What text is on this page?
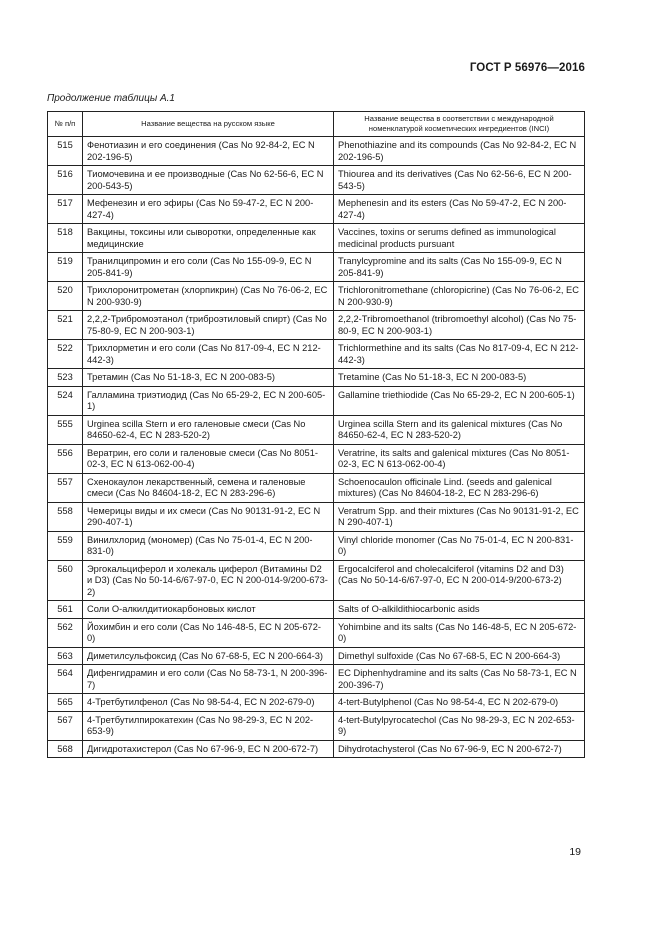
ГОСТ Р 56976—2016
Продолжение таблицы А.1
№ п/п	Название вещества на русском языке	Название вещества в соответствии с международной номенклатурой косметических ингредиентов (INCI)
515	Фенотиазин и его соединения (Cas No 92-84-2, EC N 202-196-5)	Phenothiazine and its compounds (Cas No 92-84-2, EC N 202-196-5)
516	Тиомочевина и ее производные (Cas No 62-56-6, EC N 200-543-5)	Thiourea and its derivatives (Cas No 62-56-6, EC N 200-543-5)
517	Мефенезин и его эфиры (Cas No 59-47-2, EC N 200-427-4)	Mephenesin and its esters (Cas No 59-47-2, EC N 200-427-4)
518	Вакцины, токсины или сыворотки, определенные как медицинские	Vaccines, toxins or serums defined as immunological medicinal products pursuant
519	Транилципромин и его соли (Cas No 155-09-9, EC N 205-841-9)	Tranylcypromine and its salts (Cas No 155-09-9, EC N 205-841-9)
520	Трихлоронитрометан (хлорпикрин) (Cas No 76-06-2, EC N 200-930-9)	Trichloronitromethane (chloropicrine) (Cas No 76-06-2, EC N 200-930-9)
521	2,2,2-Трибромоэтанол (триброэтиловый спирт) (Cas No 75-80-9, EC N 200-903-1)	2,2,2-Tribromoethanol (tribromoethyl alcohol) (Cas No 75-80-9, EC N 200-903-1)
522	Трихлорметин и его соли (Cas No 817-09-4, EC N 212-442-3)	Trichlormethine and its salts (Cas No 817-09-4, EC N 212-442-3)
523	Третамин (Cas No 51-18-3, EC N 200-083-5)	Tretamine (Cas No 51-18-3, EC N 200-083-5)
524	Галламина триэтиодид (Cas No 65-29-2, EC N 200-605-1)	Gallamine triethiodide (Cas No 65-29-2, EC N 200-605-1)
555	Urginea scilla Stern и его галеновые смеси (Cas No 84650-62-4, EC N 283-520-2)	Urginea scilla Stern and its galenical mixtures (Cas No 84650-62-4, EC N 283-520-2)
556	Вератрин, его соли и галеновые смеси (Cas No 8051-02-3, EC N 613-062-00-4)	Veratrine, its salts and galenical mixtures (Cas No 8051-02-3, EC N 613-062-00-4)
557	Схенокаулон лекарственный, семена и галеновые смеси (Cas No 84604-18-2, EC N 283-296-6)	Schoenocaulon officinale Lind. (seeds and galenical mixtures) (Cas No 84604-18-2, EC N 283-296-6)
558	Чемерицы виды и их смеси (Cas No 90131-91-2, EC N 290-407-1)	Veratrum Spp. and their mixtures (Cas No 90131-91-2, EC N 290-407-1)
559	Винилхлорид (мономер) (Cas No 75-01-4, EC N 200-831-0)	Vinyl chloride monomer (Cas No 75-01-4, EC N 200-831-0)
560	Эргокальциферол и холекаль циферол (Витамины D2 и D3) (Cas No 50-14-6/67-97-0, EC N 200-014-9/200-673-2)	Ergocalciferol and cholecalciferol (vitamins D2 and D3) (Cas No 50-14-6/67-97-0, EC N 200-014-9/200-673-2)
561	Соли О-алкилдитиокарбоновых кислот	Salts of O-alkildithiocarbonic asids
562	Йохимбин и его соли (Cas No 146-48-5, EC N 205-672-0)	Yohimbine and its salts (Cas No 146-48-5, EC N 205-672-0)
563	Диметилсульфоксид (Cas No 67-68-5, EC N 200-664-3)	Dimethyl sulfoxide (Cas No 67-68-5, EC N 200-664-3)
564	Дифенгидрамин и его соли (Cas No 58-73-1, N 200-396-7)	EC Diphenhydramine and its salts (Cas No 58-73-1, EC N 200-396-7)
565	4-Третбутилфенол (Cas No 98-54-4, EC N 202-679-0)	4-tert-Butylphenol (Cas No 98-54-4, EC N 202-679-0)
567	4-Третбутилпирокатехин (Cas No 98-29-3, EC N 202-653-9)	4-tert-Butylpyrocatechol (Cas No 98-29-3, EC N 202-653-9)
568	Дигидротахистерол (Cas No 67-96-9, EC N 200-672-7)	Dihydrotachysterol (Cas No 67-96-9, EC N 200-672-7)
19
